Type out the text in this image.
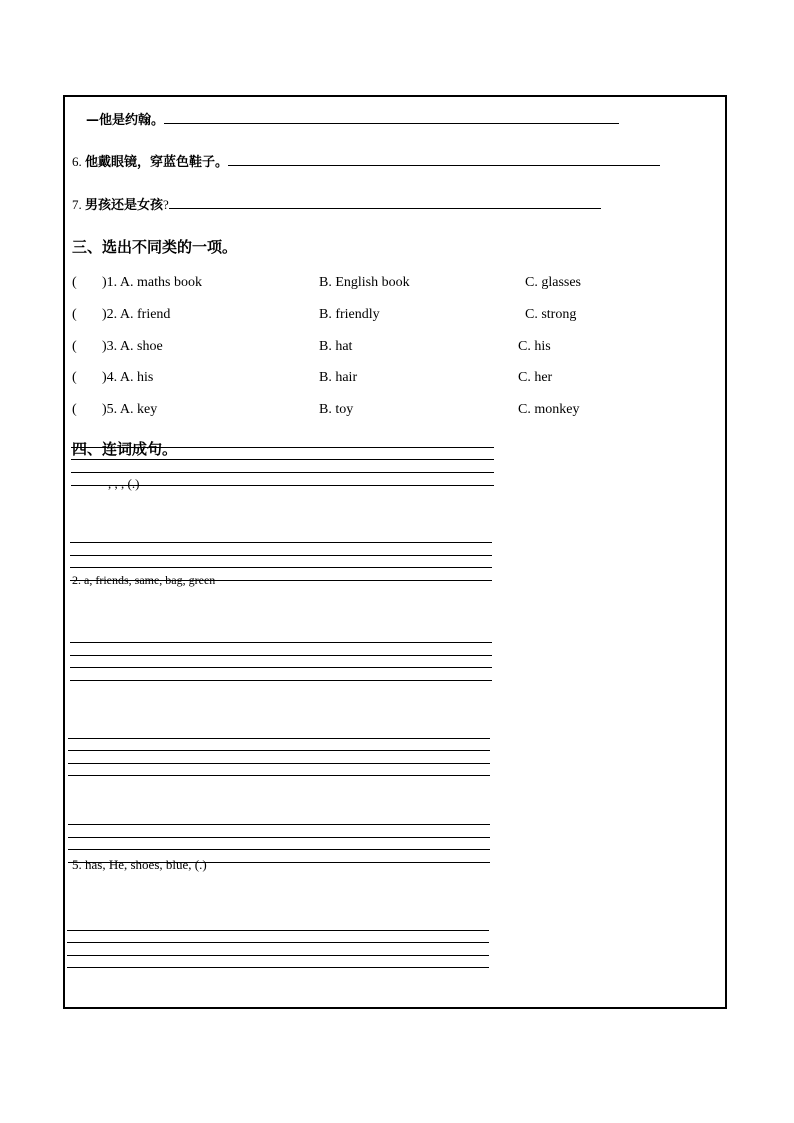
—他是约翰。
6. 他戴眼镜，穿蓝色鞋子。
7. 男孩还是女孩?
三、选出不同类的一项。
( )1. A. maths book	B. English book	C. glasses
( )2. A. friend	B. friendly	C. strong
( )3. A. shoe	B. hat	C. his
( )4. A. his	B. hair	C. her
( )5. A. key	B. toy	C. monkey
四、连词成句。
, , , (.)
2. a, friends, same, bag, green
5. has, He, shoes, blue, (.)
